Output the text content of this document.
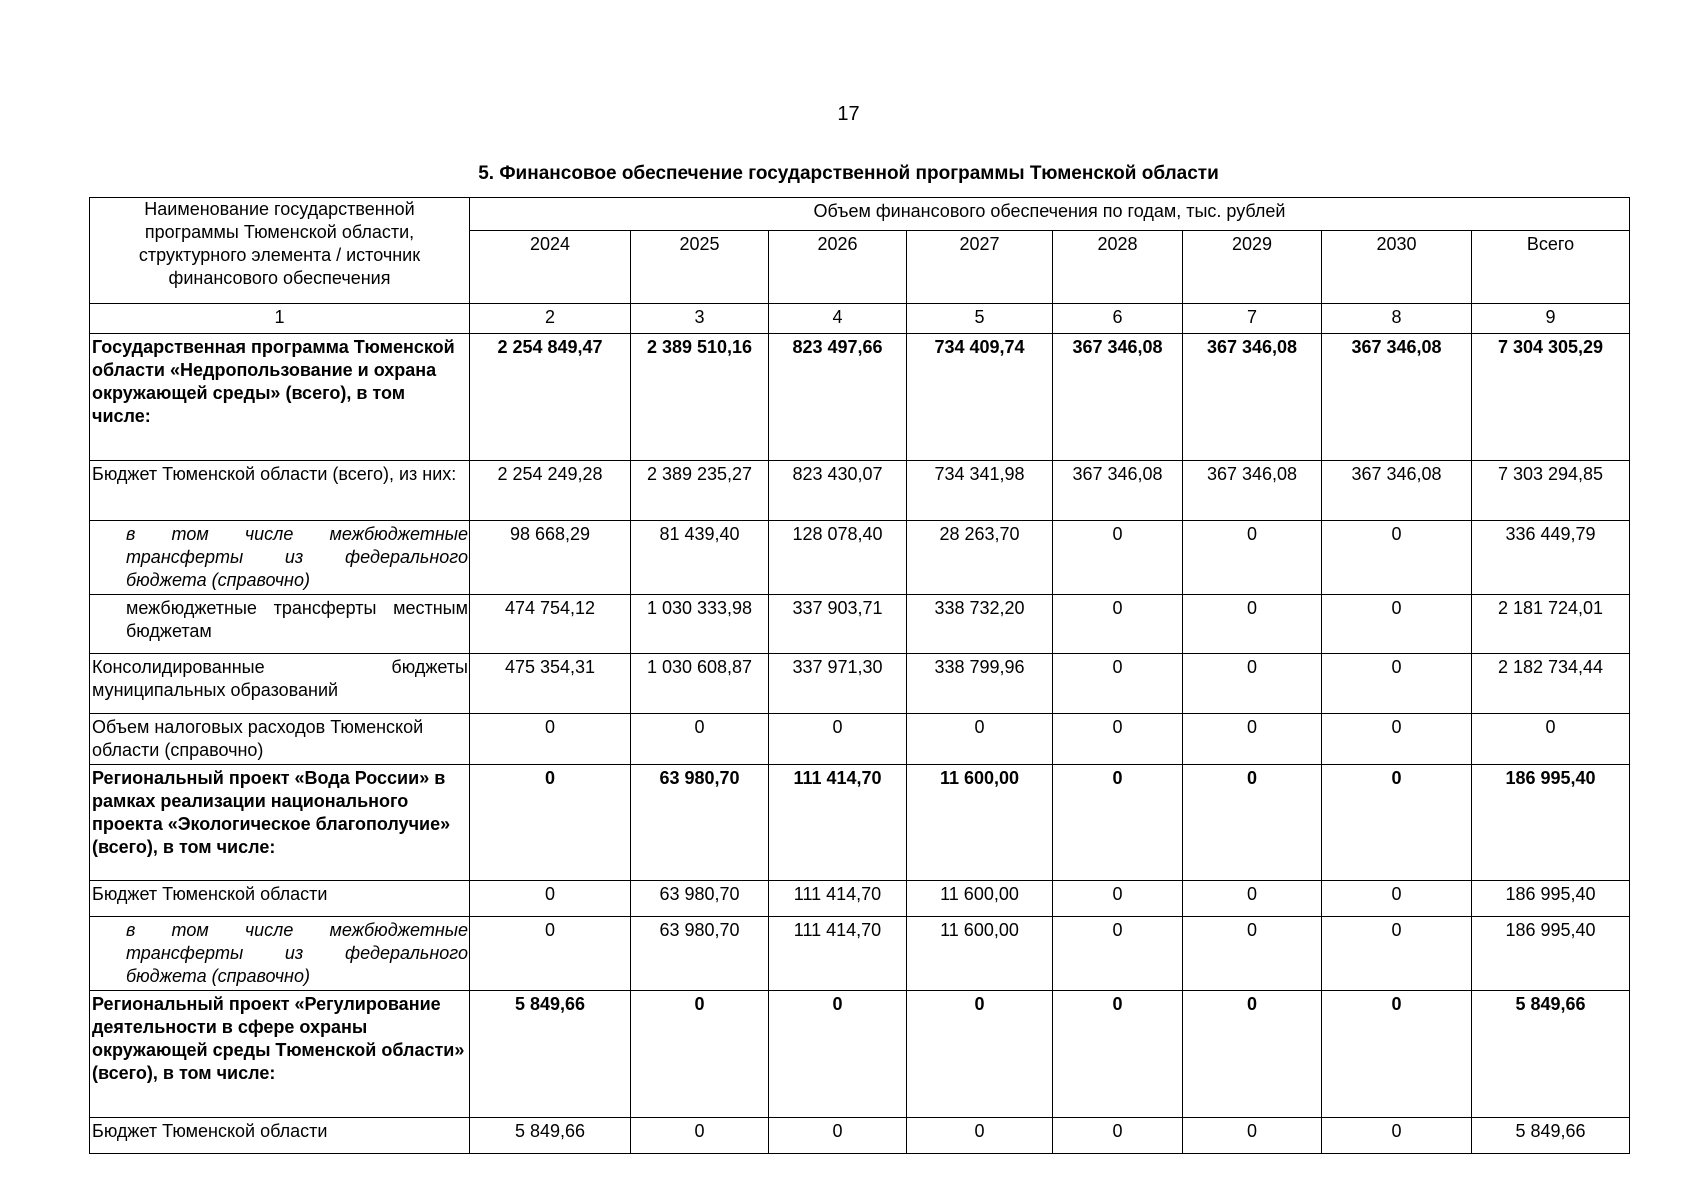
17
5. Финансовое обеспечение государственной программы Тюменской области
Наименование государственной программы Тюменской области, структурного элемента / источник финансового обеспечения	Объем финансового обеспечения по годам, тыс. рублей							
	2024	2025	2026	2027	2028	2029	2030	Всего
1	2	3	4	5	6	7	8	9
Государственная программа Тюменской области «Недропользование и охрана окружающей среды» (всего), в том числе:	2 254 849,47	2 389 510,16	823 497,66	734 409,74	367 346,08	367 346,08	367 346,08	7 304 305,29
Бюджет Тюменской области (всего), из них:	2 254 249,28	2 389 235,27	823 430,07	734 341,98	367 346,08	367 346,08	367 346,08	7 303 294,85
в том числе межбюджетные трансферты из федерального бюджета (справочно)	98 668,29	81 439,40	128 078,40	28 263,70	0	0	0	336 449,79
межбюджетные трансферты местным бюджетам	474 754,12	1 030 333,98	337 903,71	338 732,20	0	0	0	2 181 724,01
Консолидированные бюджеты муниципальных образований	475 354,31	1 030 608,87	337 971,30	338 799,96	0	0	0	2 182 734,44
Объем налоговых расходов Тюменской области (справочно)	0	0	0	0	0	0	0	0
Региональный проект «Вода России» в рамках реализации национального проекта «Экологическое благополучие» (всего), в том числе:	0	63 980,70	111 414,70	11 600,00	0	0	0	186 995,40
Бюджет Тюменской области	0	63 980,70	111 414,70	11 600,00	0	0	0	186 995,40
в том числе межбюджетные трансферты из федерального бюджета (справочно)	0	63 980,70	111 414,70	11 600,00	0	0	0	186 995,40
Региональный проект «Регулирование деятельности в сфере охраны окружающей среды Тюменской области» (всего), в том числе:	5 849,66	0	0	0	0	0	0	5 849,66
Бюджет Тюменской области	5 849,66	0	0	0	0	0	0	5 849,66
